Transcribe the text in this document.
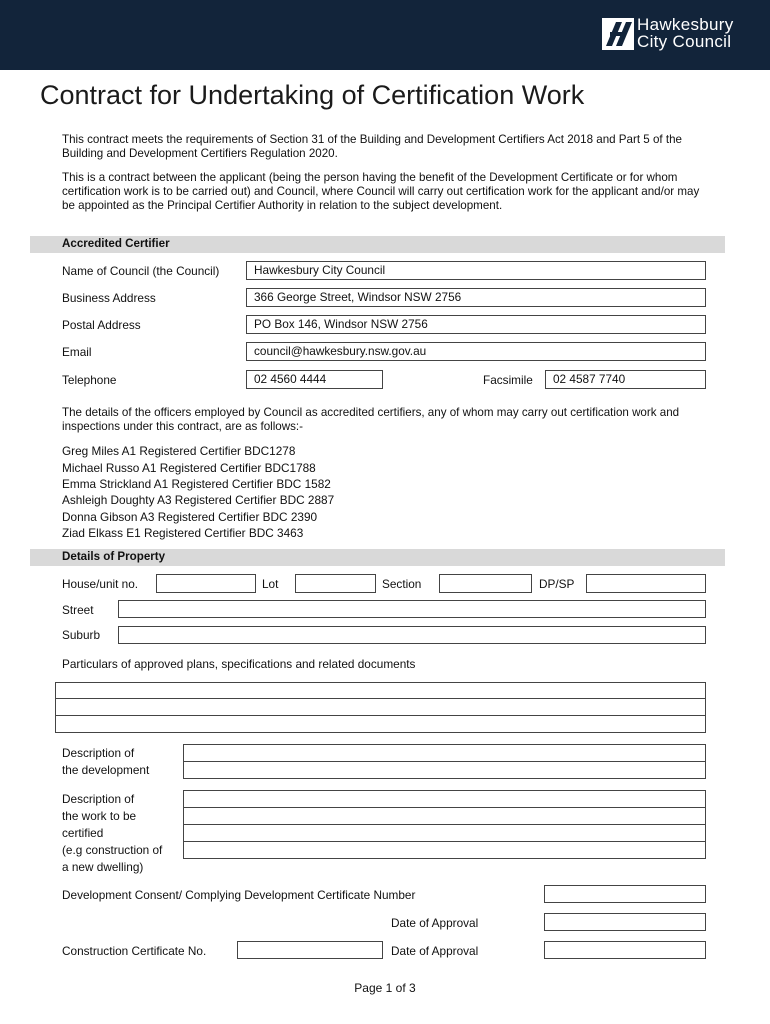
Hawkesbury
City Council
Contract for Undertaking of Certification Work
This contract meets the requirements of Section 31 of the Building and Development Certifiers Act 2018 and Part 5 of the Building and Development Certifiers Regulation 2020.
This is a contract between the applicant (being the person having the benefit of the Development Certificate or for whom certification work is to be carried out) and Council, where Council will carry out certification work for the applicant and/or may be appointed as the Principal Certifier Authority in relation to the subject development.
Accredited Certifier
Name of Council (the Council)	Hawkesbury City Council
Business Address	366 George Street, Windsor NSW 2756
Postal Address	PO Box 146, Windsor NSW 2756
Email	council@hawkesbury.nsw.gov.au
Telephone	02 4560 4444	Facsimile	02 4587 7740
The details of the officers employed by Council as accredited certifiers, any of whom may carry out certification work and inspections under this contract, are as follows:-
Greg Miles A1 Registered Certifier BDC1278
Michael Russo A1 Registered Certifier BDC1788
Emma Strickland A1 Registered Certifier BDC 1582
Ashleigh Doughty A3 Registered Certifier BDC 2887
Donna Gibson A3 Registered Certifier BDC 2390
Ziad Elkass E1 Registered Certifier BDC 3463
Details of Property
House/unit no.	Lot	Section	DP/SP
Street
Suburb
Particulars of approved plans, specifications and related documents
Description of
the development
Description of
the work to be
certified
(e.g construction of
a new dwelling)
Development Consent/ Complying Development Certificate Number
Date of Approval
Construction Certificate No.	Date of Approval
Page 1 of 3
